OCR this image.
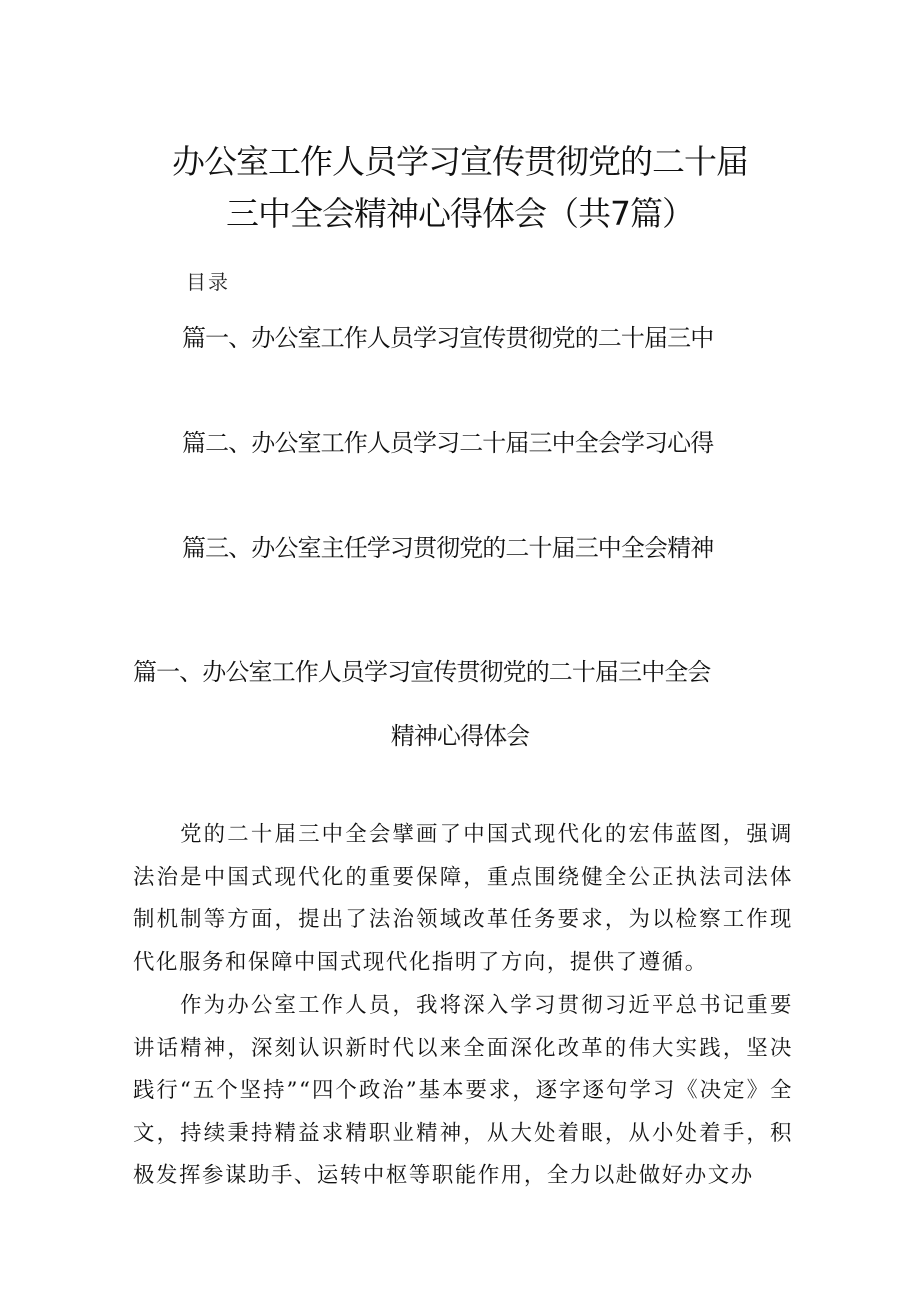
办公室工作人员学习宣传贯彻党的二十届
三中全会精神心得体会（共7篇）
目录
篇一、办公室工作人员学习宣传贯彻党的二十届三中
篇二、办公室工作人员学习二十届三中全会学习心得
篇三、办公室主任学习贯彻党的二十届三中全会精神
篇一、办公室工作人员学习宣传贯彻党的二十届三中全会
精神心得体会

党的二十届三中全会擘画了中国式现代化的宏伟蓝图，强调法治是中国式现代化的重要保障，重点围绕健全公正执法司法体制机制等方面，提出了法治领域改革任务要求，为以检察工作现代化服务和保障中国式现代化指明了方向，提供了遵循。

作为办公室工作人员，我将深入学习贯彻习近平总书记重要讲话精神，深刻认识新时代以来全面深化改革的伟大实践，坚决践行“五个坚持”“四个政治”基本要求，逐字逐句学习《决定》全文，持续秉持精益求精职业精神，从大处着眼，从小处着手，积极发挥参谋助手、运转中枢等职能作用，全力以赴做好办文办
